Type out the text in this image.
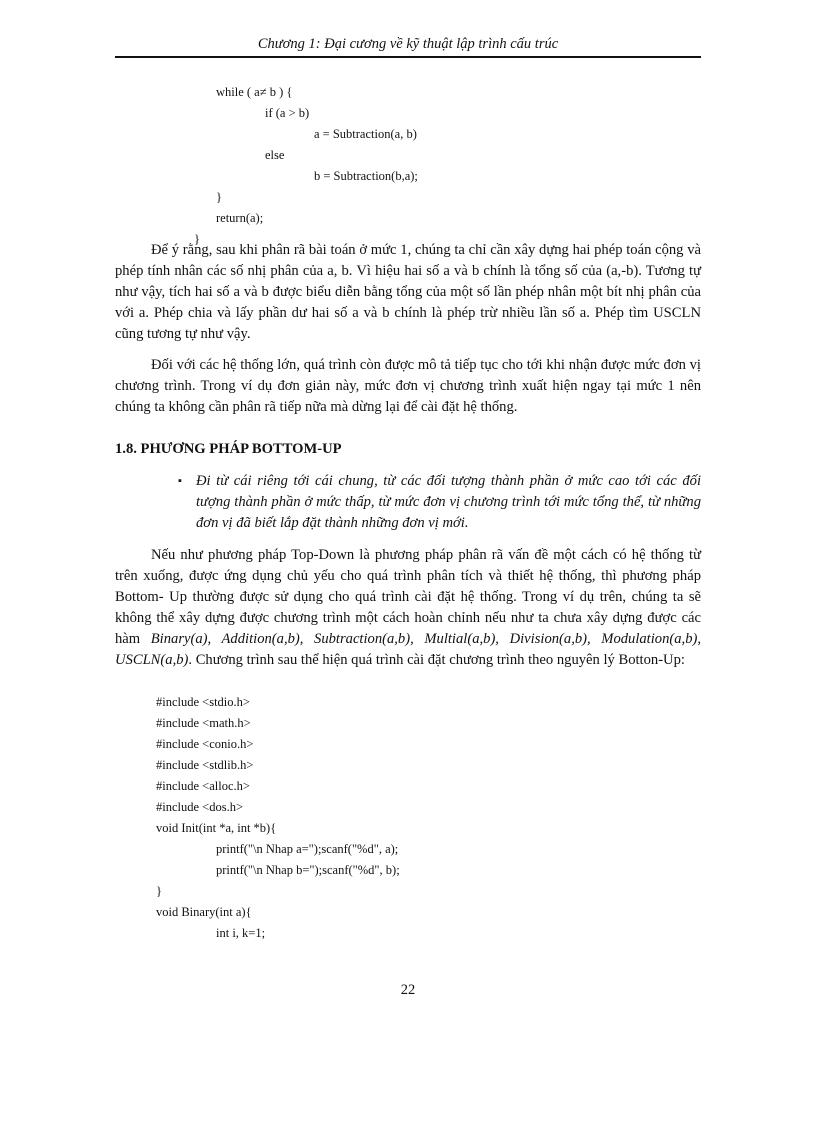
Chương 1: Đại cương về kỹ thuật lập trình cấu trúc
while ( a≠ b ) {
if (a > b)
a = Subtraction(a, b)
else
b = Subtraction(b,a);
}
return(a);
}

Để ý rằng, sau khi phân rã bài toán ở mức 1, chúng ta chỉ cần xây dựng hai phép toán cộng và phép tính nhân các số nhị phân của a, b. Vì hiệu hai số a và b chính là tổng số của (a,-b). Tương tự như vậy, tích hai số a và b được biểu diễn bằng tổng của một số lần phép nhân một bít nhị phân của với a. Phép chia và lấy phần dư hai số a và b chính là phép trừ nhiều lần số a. Phép tìm USCLN cũng tương tự như vậy.

Đối với các hệ thống lớn, quá trình còn được mô tả tiếp tục cho tới khi nhận được mức đơn vị chương trình. Trong ví dụ đơn giản này, mức đơn vị chương trình xuất hiện ngay tại mức 1 nên chúng ta không cần phân rã tiếp nữa mà dừng lại để cài đặt hệ thống.

1.8. PHƯƠNG PHÁP BOTTOM-UP
▪ Đi từ cái riêng tới cái chung, từ các đối tượng thành phần ở mức cao tới các đối tượng thành phần ở mức thấp, từ mức đơn vị chương trình tới mức tổng thể, từ những đơn vị đã biết lắp đặt thành những đơn vị mới.

Nếu như phương pháp Top-Down là phương pháp phân rã vấn đề một cách có hệ thống từ trên xuống, được ứng dụng chủ yếu cho quá trình phân tích và thiết hệ thống, thì phương pháp Bottom- Up thường được sử dụng cho quá trình cài đặt hệ thống. Trong ví dụ trên, chúng ta sẽ không thể xây dựng được chương trình một cách hoàn chỉnh nếu như ta chưa xây dựng được các hàm Binary(a), Addition(a,b), Subtraction(a,b), Multial(a,b), Division(a,b), Modulation(a,b), USCLN(a,b). Chương trình sau thể hiện quá trình cài đặt chương trình theo nguyên lý Botton-Up:

#include <stdio.h>
#include <math.h>
#include <conio.h>
#include <stdlib.h>
#include <alloc.h>
#include <dos.h>
void Init(int *a, int *b){
printf("\n Nhap a=");scanf("%d", a);
printf("\n Nhap b=");scanf("%d", b);
}
void Binary(int a){
int i, k=1;
22
